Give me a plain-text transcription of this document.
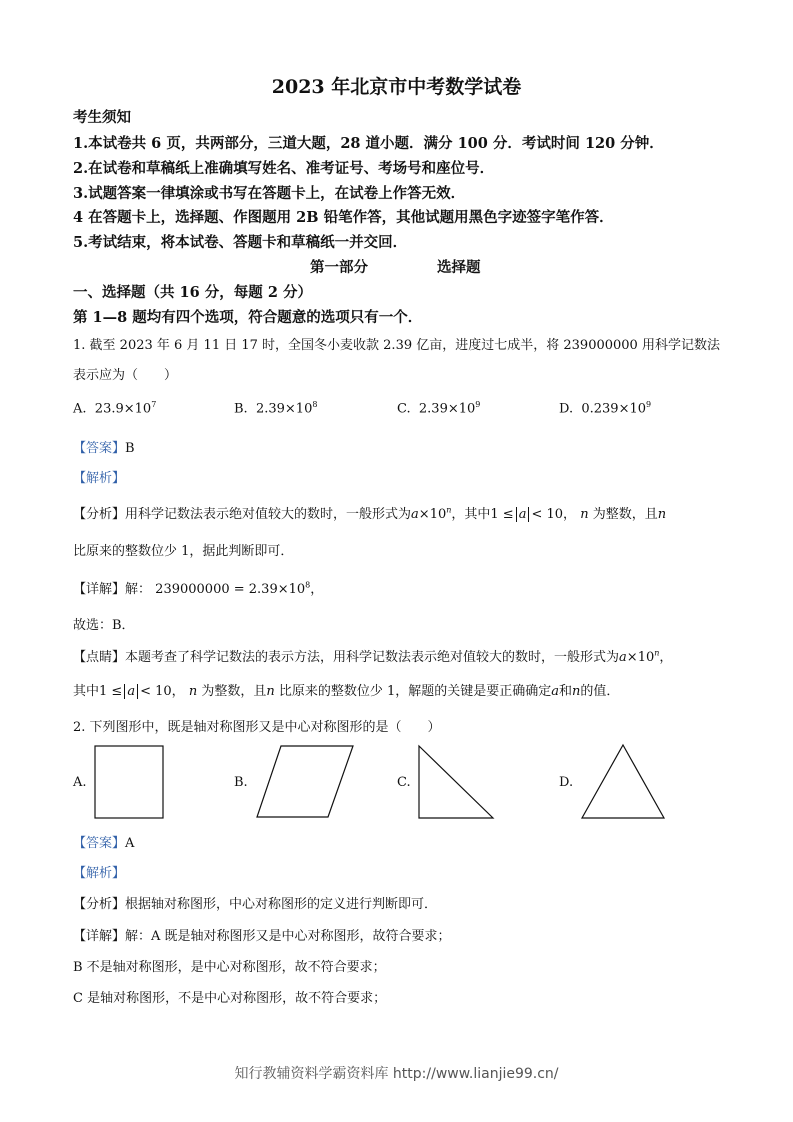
2023 年北京市中考数学试卷
考生须知
1.本试卷共 6 页，共两部分，三道大题，28 道小题．满分 100 分．考试时间 120 分钟．
2.在试卷和草稿纸上准确填写姓名、准考证号、考场号和座位号．
3.试题答案一律填涂或书写在答题卡上，在试卷上作答无效．
4 在答题卡上，选择题、作图题用 2B 铅笔作答，其他试题用黑色字迹签字笔作答．
5.考试结束，将本试卷、答题卡和草稿纸一并交回．
第一部分	选择题
一、选择题（共 16 分，每题 2 分）
第 1—8 题均有四个选项，符合题意的选项只有一个．
1. 截至 2023 年 6 月 11 日 17 时，全国冬小麦收款 2.39 亿亩，进度过七成半，将 239000000 用科学记数法
表示应为（　　）
A. $23.9\times 10^7$	B. $2.39\times 10^8$	C. $2.39\times 10^9$	D. $0.239\times 10^9$
【答案】B
【解析】
【分析】用科学记数法表示绝对值较大的数时，一般形式为$a\times 10^n$，其中1 ≤ a < 10， n 为整数，且n
比原来的整数位少 1，据此判断即可．
【详解】解： $239000000 = 2.39\times 10^8$，
故选：B．
【点睛】本题考查了科学记数法的表示方法，用科学记数法表示绝对值较大的数时，一般形式为$a\times 10^n$，
其中1 ≤ a < 10， n 为整数，且n 比原来的整数位少 1，解题的关键是要正确确定a和n的值．
2. 下列图形中，既是轴对称图形又是中心对称图形的是（　　）
A.	B.	C.	D.
【答案】A
【解析】
【分析】根据轴对称图形，中心对称图形的定义进行判断即可．
【详解】解：A 既是轴对称图形又是中心对称图形，故符合要求；
B 不是轴对称图形，是中心对称图形，故不符合要求；
C 是轴对称图形，不是中心对称图形，故不符合要求；
知行教辅资料学霸资料库 http://www.lianjie99.cn/
